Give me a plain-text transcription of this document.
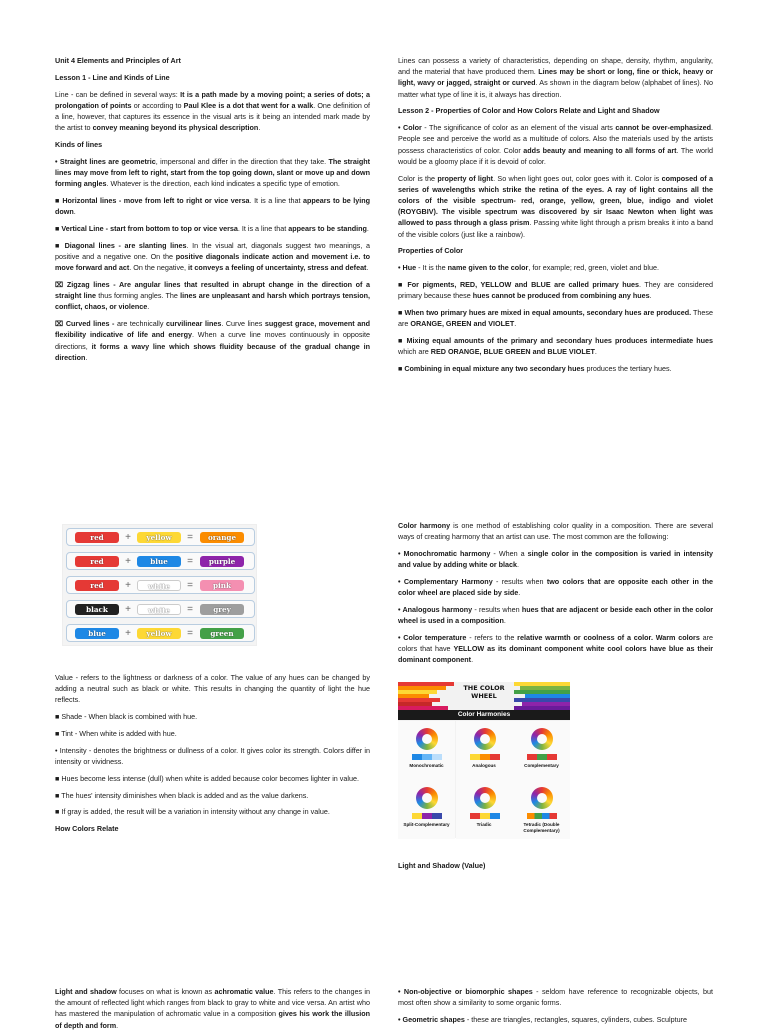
Unit 4 Elements and Principles of Art

Lesson 1 - Line and Kinds of Line

Line - can be defined in several ways: It is a path made by a moving point; a series of dots; a prolongation of points or according to Paul Klee is a dot that went for a walk. One definition of a line, however, that captures its essence in the visual arts is it being an intended mark made by the artist to convey meaning beyond its physical description.

Kinds of lines

• Straight lines are geometric, impersonal and differ in the direction that they take. The straight lines may move from left to right, start from the top going down, slant or move up and down forming angles. Whatever is the direction, each kind indicates a specific type of emotion.

■ Horizontal lines - move from left to right or vice versa. It is a line that appears to be lying down.

■ Vertical Line - start from bottom to top or vice versa. It is a line that appears to be standing.

■ Diagonal lines - are slanting lines. In the visual art, diagonals suggest two meanings, a positive and a negative one. On the positive diagonals indicate action and movement i.e. to move forward and act. On the negative, it conveys a feeling of uncertainty, stress and defeat.

⌧ Zigzag lines - Are angular lines that resulted in abrupt change in the direction of a straight line thus forming angles. The lines are unpleasant and harsh which portrays tension, conflict, chaos, or violence.

⌧ Curved lines - are technically curvilinear lines. Curve lines suggest grace, movement and flexibility indicative of life and energy. When a curve line moves continuously in opposite directions, it forms a wavy line which shows fluidity because of the gradual change in direction.

Lines can possess a variety of characteristics, depending on shape, density, rhythm, angularity, and the material that have produced them. Lines may be short or long, fine or thick, heavy or light, wavy or jagged, straight or curved. As shown in the diagram below (alphabet of lines). No matter what type of line it is, it always has direction.

Lesson 2 - Properties of Color and How Colors Relate and Light and Shadow

• Color - The significance of color as an element of the visual arts cannot be over-emphasized. People see and perceive the world as a multitude of colors. Also the materials used by the artists possess characteristics of color. Color adds beauty and meaning to all forms of art. The world would be a gloomy place if it is devoid of color.

Color is the property of light. So when light goes out, color goes with it. Color is composed of a series of wavelengths which strike the retina of the eyes. A ray of light contains all the colors of the visible spectrum- red, orange, yellow, green, blue, indigo and violet (ROYGBIV). The visible spectrum was discovered by sir Isaac Newton when light was allowed to pass through a glass prism. Passing white light through a prism breaks it into a band of the visible colors (just like a rainbow).

Properties of Color

• Hue - It is the name given to the color, for example; red, green, violet and blue.

■ For pigments, RED, YELLOW and BLUE are called primary hues. They are considered primary because these hues cannot be produced from combining any hues.

■ When two primary hues are mixed in equal amounts, secondary hues are produced. These are ORANGE, GREEN and VIOLET.

■ Mixing equal amounts of the primary and secondary hues produces intermediate hues which are RED ORANGE, BLUE GREEN and BLUE VIOLET.

■ Combining in equal mixture any two secondary hues produces the tertiary hues.

red	+	yellow	=	orange
red	+	blue	=	purple
red	+	white	=	pink
black	+	white	=	grey
blue	+	yellow	=	green

Value - refers to the lightness or darkness of a color. The value of any hues can be changed by adding a neutral such as black or white. This results in changing the quantity of light the hue reflects.

■ Shade - When black is combined with hue.

■ Tint - When white is added with hue.

• Intensity - denotes the brightness or dullness of a color. It gives color its strength. Colors differ in intensity or vividness.

■ Hues become less intense (dull) when white is added because color becomes lighter in value.

■ The hues' intensity diminishes when black is added and as the value darkens.

■ If gray is added, the result will be a variation in intensity without any change in value.

How Colors Relate

Color harmony is one method of establishing color quality in a composition. There are several ways of creating harmony that an artist can use. The most common are the following:

• Monochromatic harmony - When a single color in the composition is varied in intensity and value by adding white or black.

• Complementary Harmony - results when two colors that are opposite each other in the color wheel are placed side by side.

• Analogous harmony - results when hues that are adjacent or beside each other in the color wheel is used in a composition.

• Color temperature - refers to the relative warmth or coolness of a color. Warm colors are colors that have YELLOW as its dominant component white cool colors have blue as their dominant component.

THE COLOR WHEEL
Color Harmonies
Monochromatic	Analogous	Complementary
Split-Complementary	Triadic	Tetradic (Double Complementary)

Light and Shadow (Value)

Light and shadow focuses on what is known as achromatic value. This refers to the changes in the amount of reflected light which ranges from black to gray to white and vice versa. An artist who has mastered the manipulation of achromatic value in a composition gives his work the illusion of depth and form.

• Non-objective or biomorphic shapes - seldom have reference to recognizable objects, but most often show a similarity to some organic forms.

• Geometric shapes - these are triangles, rectangles, squares, cylinders, cubes. Sculpture
